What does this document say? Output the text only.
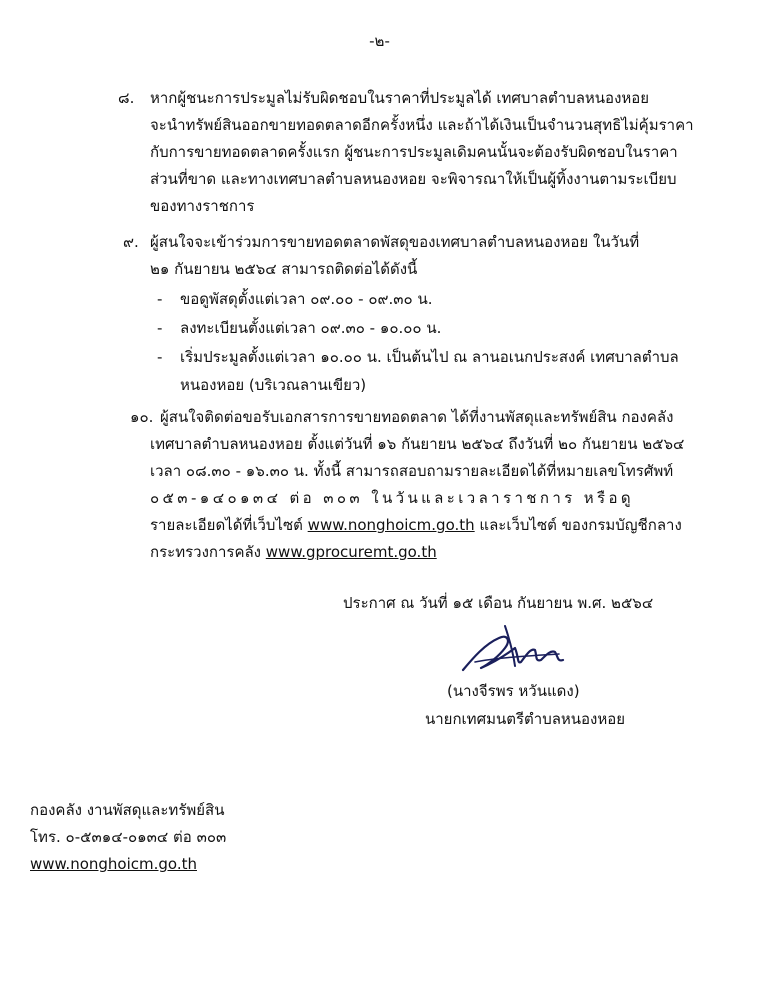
-๒-
๘. หากผู้ชนะการประมูลไม่รับผิดชอบในราคาที่ประมูลได้ เทศบาลตำบลหนองหอย
จะนำทรัพย์สินออกขายทอดตลาดอีกครั้งหนึ่ง และถ้าได้เงินเป็นจำนวนสุทธิไม่คุ้มราคา
กับการขายทอดตลาดครั้งแรก ผู้ชนะการประมูลเดิมคนนั้นจะต้องรับผิดชอบในราคา
ส่วนที่ขาด และทางเทศบาลตำบลหนองหอย จะพิจารณาให้เป็นผู้ทิ้งงานตามระเบียบ
ของทางราชการ
๙. ผู้สนใจจะเข้าร่วมการขายทอดตลาดพัสดุของเทศบาลตำบลหนองหอย ในวันที่
๒๑ กันยายน ๒๕๖๔ สามารถติดต่อได้ดังนี้
- ขอดูพัสดุตั้งแต่เวลา ๐๙.๐๐ - ๐๙.๓๐ น.
- ลงทะเบียนตั้งแต่เวลา ๐๙.๓๐ - ๑๐.๐๐ น.
- เริ่มประมูลตั้งแต่เวลา ๑๐.๐๐ น. เป็นต้นไป ณ ลานอเนกประสงค์ เทศบาลตำบล
หนองหอย (บริเวณลานเขียว)
๑๐. ผู้สนใจติดต่อขอรับเอกสารการขายทอดตลาด ได้ที่งานพัสดุและทรัพย์สิน กองคลัง
เทศบาลตำบลหนองหอย ตั้งแต่วันที่ ๑๖ กันยายน ๒๕๖๔ ถึงวันที่ ๒๐ กันยายน ๒๕๖๔
เวลา ๐๘.๓๐ - ๑๖.๓๐ น. ทั้งนี้ สามารถสอบถามรายละเอียดได้ที่หมายเลขโทรศัพท์
๐๕๓-๑๔๐๑๓๔ ต่อ ๓๐๓ ในวันและเวลาราชการ หรือดู
รายละเอียดได้ที่เว็บไซต์ www.nonghoicm.go.th และเว็บไซต์ ของกรมบัญชีกลาง
กระทรวงการคลัง www.gprocuremt.go.th
ประกาศ ณ วันที่ ๑๕ เดือน กันยายน พ.ศ. ๒๕๖๔
(นางจีรพร หวันแดง)
นายกเทศมนตรีตำบลหนองหอย
กองคลัง งานพัสดุและทรัพย์สิน
โทร. ๐-๕๓๑๔-๐๑๓๔ ต่อ ๓๐๓
www.nonghoicm.go.th
